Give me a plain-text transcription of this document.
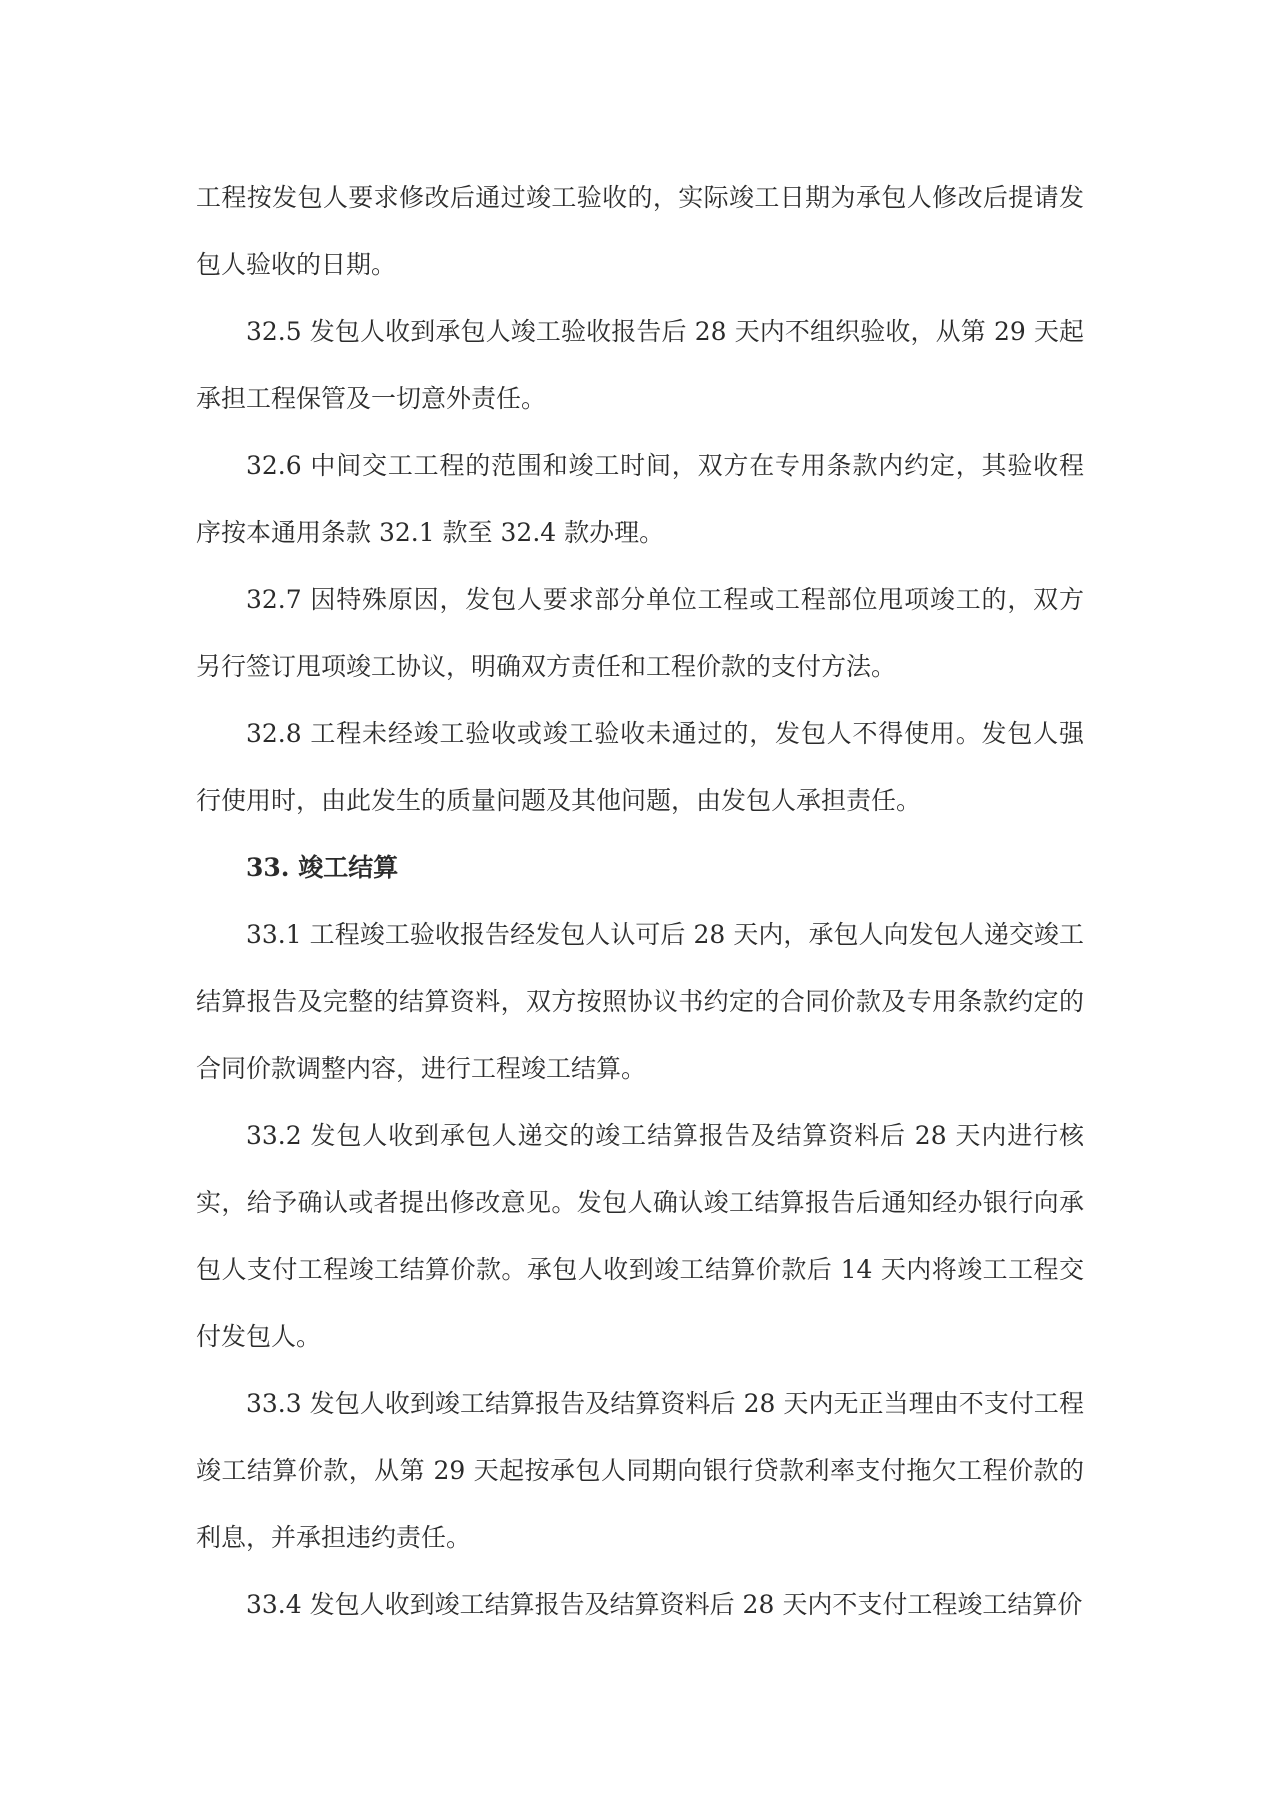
工程按发包人要求修改后通过竣工验收的，实际竣工日期为承包人修改后提请发包人验收的日期。

32.5 发包人收到承包人竣工验收报告后 28 天内不组织验收，从第 29 天起承担工程保管及一切意外责任。

32.6 中间交工工程的范围和竣工时间，双方在专用条款内约定，其验收程序按本通用条款 32.1 款至 32.4 款办理。

32.7 因特殊原因，发包人要求部分单位工程或工程部位甩项竣工的，双方另行签订甩项竣工协议，明确双方责任和工程价款的支付方法。

32.8 工程未经竣工验收或竣工验收未通过的，发包人不得使用。发包人强行使用时，由此发生的质量问题及其他问题，由发包人承担责任。

33. 竣工结算

33.1 工程竣工验收报告经发包人认可后 28 天内，承包人向发包人递交竣工结算报告及完整的结算资料，双方按照协议书约定的合同价款及专用条款约定的合同价款调整内容，进行工程竣工结算。

33.2 发包人收到承包人递交的竣工结算报告及结算资料后 28 天内进行核实，给予确认或者提出修改意见。发包人确认竣工结算报告后通知经办银行向承包人支付工程竣工结算价款。承包人收到竣工结算价款后 14 天内将竣工工程交付发包人。

33.3 发包人收到竣工结算报告及结算资料后 28 天内无正当理由不支付工程竣工结算价款，从第 29 天起按承包人同期向银行贷款利率支付拖欠工程价款的利息，并承担违约责任。

33.4 发包人收到竣工结算报告及结算资料后 28 天内不支付工程竣工结算价
